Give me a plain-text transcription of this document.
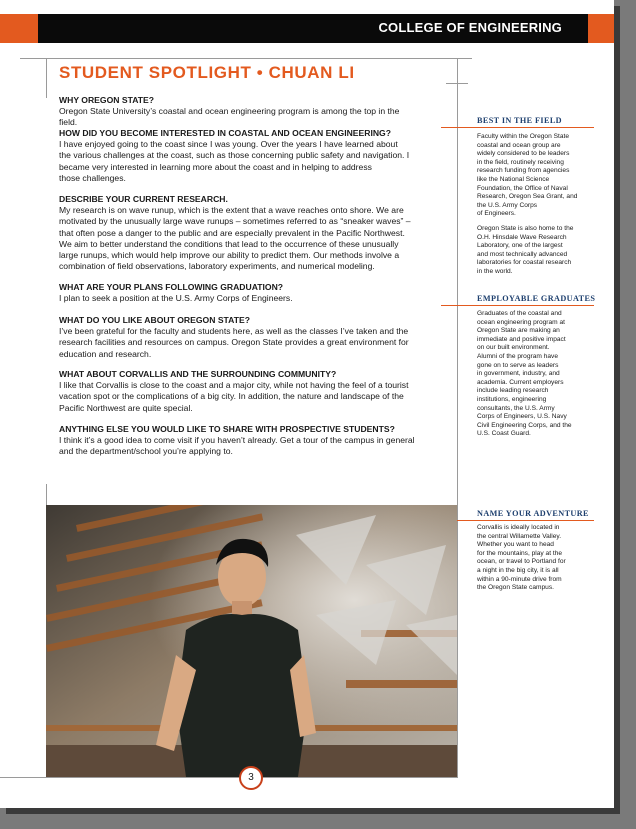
COLLEGE OF ENGINEERING
STUDENT SPOTLIGHT • CHUAN LI
WHY OREGON STATE?
Oregon State University’s coastal and ocean engineering program is among the top in the field.
HOW DID YOU BECOME INTERESTED IN COASTAL AND OCEAN ENGINEERING?
I have enjoyed going to the coast since I was young. Over the years I have learned about
the various challenges at the coast, such as those concerning public safety and navigation. I
became very interested in learning more about the coast and in helping to address
those challenges.
DESCRIBE YOUR CURRENT RESEARCH.
My research is on wave runup, which is the extent that a wave reaches onto shore. We are
motivated by the unusually large wave runups – sometimes referred to as “sneaker waves” –
that often pose a danger to the public and are especially prevalent in the Pacific Northwest.
We aim to better understand the conditions that lead to the occurrence of these unusually
large runups, which would help improve our ability to predict them. Our methods involve a
combination of field observations, laboratory experiments, and numerical modeling.
WHAT ARE YOUR PLANS FOLLOWING GRADUATION?
I plan to seek a position at the U.S. Army Corps of Engineers.
WHAT DO YOU LIKE ABOUT OREGON STATE?
I’ve been grateful for the faculty and students here, as well as the classes I’ve taken and the
research facilities and resources on campus. Oregon State provides a great environment for
education and research.
WHAT ABOUT CORVALLIS AND THE SURROUNDING COMMUNITY?
I like that Corvallis is close to the coast and a major city, while not having the feel of a tourist
vacation spot or the complications of a big city. In addition, the nature and landscape of the
Pacific Northwest are quite special.
ANYTHING ELSE YOU WOULD LIKE TO SHARE WITH PROSPECTIVE STUDENTS?
I think it’s a good idea to come visit if you haven’t already. Get a tour of the campus in general
and the department/school you’re applying to.
BEST IN THE FIELD
Faculty within the Oregon State
coastal and ocean group are
widely considered to be leaders
in the field, routinely receiving
research funding from agencies
like the National Science
Foundation, the Office of Naval
Research, Oregon Sea Grant, and
the U.S. Army Corps
of Engineers.
Oregon State is also home to the
O.H. Hinsdale Wave Research
Laboratory, one of the largest
and most technically advanced
laboratories for coastal research
in the world.
EMPLOYABLE GRADUATES
Graduates of the coastal and
ocean engineering program at
Oregon State are making an
immediate and positive impact
on our built environment.
Alumni of the program have
gone on to serve as leaders
in government, industry, and
academia. Current employers
include leading research
institutions, engineering
consultants, the U.S. Army
Corps of Engineers, U.S. Navy
Civil Engineering Corps, and the
U.S. Coast Guard.
NAME YOUR ADVENTURE
Corvallis is ideally located in
the central Willamette Valley.
Whether you want to head
for the mountains, play at the
ocean, or travel to Portland for
a night in the big city, it is all
within a 90-minute drive from
the Oregon State campus.
3
